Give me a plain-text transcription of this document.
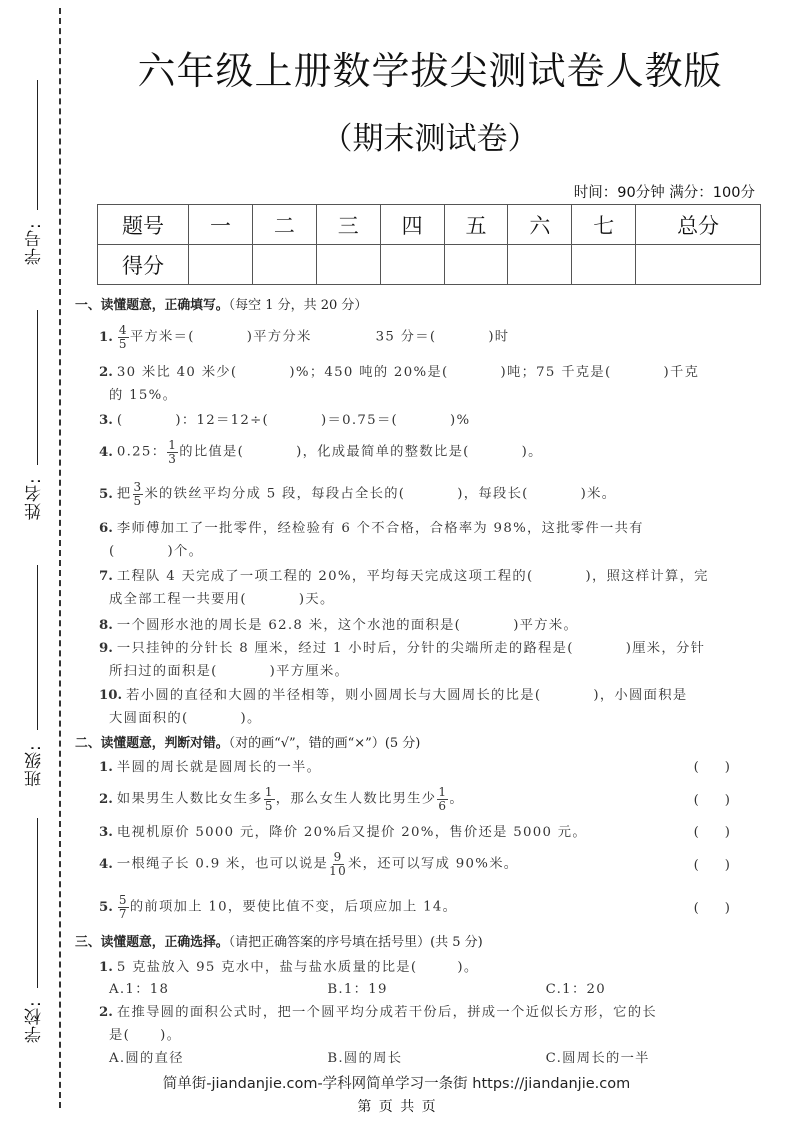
学号:
姓名:
班级:
学校:
六年级上册数学拔尖测试卷人教版
（期末测试卷）
时间：90分钟 满分：100分
题号	一	二	三	四	五	六	七	总分
得分								
一、读懂题意，正确填写。（每空 1 分，共 20 分）
1. $\frac{4}{5}$ 平方米＝(	)平方分米	35 分＝(	)时
2. 30 米比 40 米少(	)%；450 吨的 20%是(	)吨；75 千克是(	)千克
的 15%。
3. (	)：12＝12÷(	)＝0.75＝(	)%
4. 0.25： $\frac{1}{3}$ 的比值是(	)，化成最简单的整数比是(	)。
5. 把 $\frac{3}{5}$ 米的铁丝平均分成 5 段，每段占全长的(	)，每段长(	)米。
6. 李师傅加工了一批零件，经检验有 6 个不合格，合格率为 98%，这批零件一共有
(	)个。
7. 工程队 4 天完成了一项工程的 20%，平均每天完成这项工程的(	)，照这样计算，完
成全部工程一共要用(	)天。
8. 一个圆形水池的周长是 62.8 米，这个水池的面积是(	)平方米。
9. 一只挂钟的分针长 8 厘米，经过 1 小时后，分针的尖端所走的路程是(	)厘米，分针
所扫过的面积是(	)平方厘米。
10. 若小圆的直径和大圆的半径相等，则小圆周长与大圆周长的比是(	)，小圆面积是
大圆面积的(	)。
二、读懂题意，判断对错。（对的画“√”，错的画“×”）(5 分)
1. 半圆的周长就是圆周长的一半。	()
2. 如果男生人数比女生多 $\frac{1}{5}$ ，那么女生人数比男生少 $\frac{1}{6}$ 。	()
3. 电视机原价 5000 元，降价 20%后又提价 20%，售价还是 5000 元。	()
4. 一根绳子长 0.9 米，也可以说是 $\frac{9}{10}$ 米，还可以写成 90%米。	()
5. $\frac{5}{7}$ 的前项加上 10，要使比值不变，后项应加上 14。	()
三、读懂题意，正确选择。（请把正确答案的序号填在括号里）(共 5 分)
1. 5 克盐放入 95 克水中，盐与盐水质量的比是(	)。
A.1：18	B.1：19	C.1：20
2. 在推导圆的面积公式时，把一个圆平均分成若干份后，拼成一个近似长方形，它的长
是( )。
A.圆的直径	B.圆的周长	C.圆周长的一半
简单街-jiandanjie.com-学科网简单学习一条街 https://jiandanjie.com
第 页 共 页
